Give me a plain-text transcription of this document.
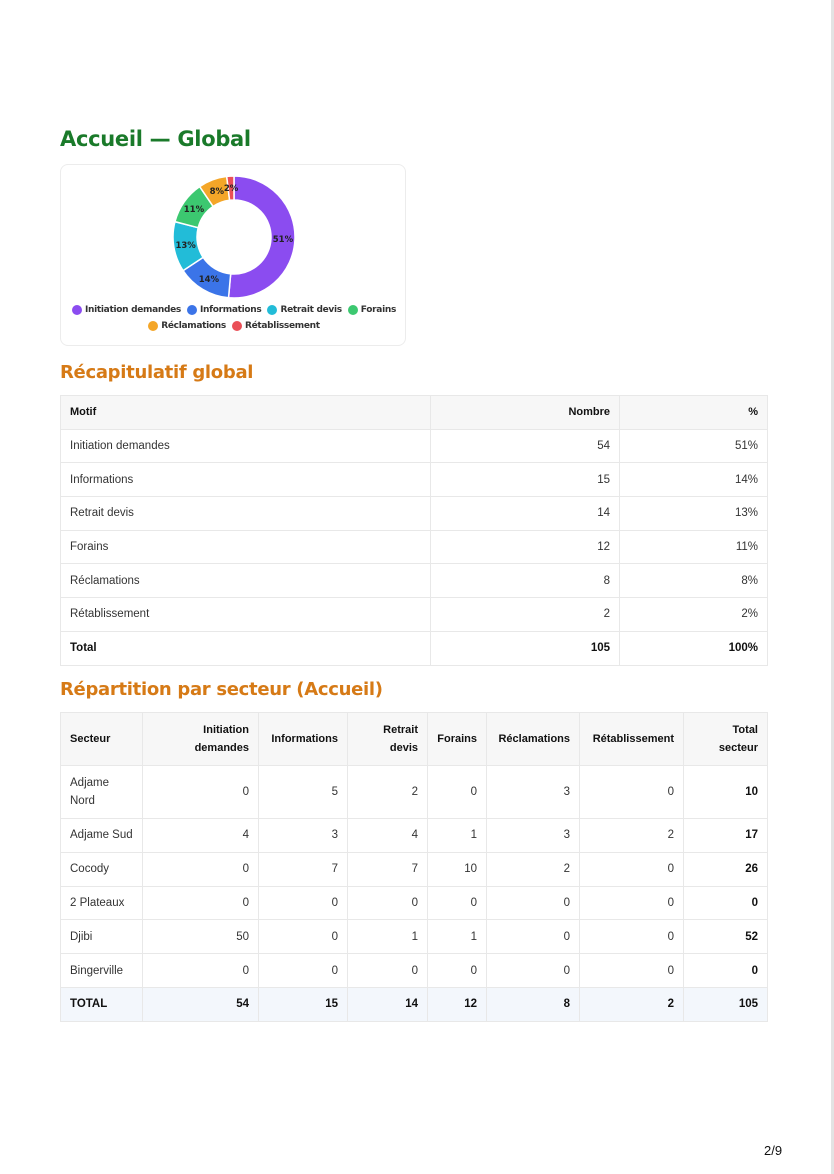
Accueil — Global
51%
14%
13%
11%
8% 2%
Initiation demandes Informations Retrait devis Forains
Réclamations Rétablissement
Récapitulatif global
Motif	Nombre	%
Initiation demandes	54	51%
Informations	15	14%
Retrait devis	14	13%
Forains	12	11%
Réclamations	8	8%
Rétablissement	2	2%
Total	105	100%
Répartition par secteur (Accueil)
Secteur	Initiation demandes	Informations	Retrait devis	Forains	Réclamations	Rétablissement	Total secteur
Adjame Nord	0	5	2	0	3	0	10
Adjame Sud	4	3	4	1	3	2	17
Cocody	0	7	7	10	2	0	26
2 Plateaux	0	0	0	0	0	0	0
Djibi	50	0	1	1	0	0	52
Bingerville	0	0	0	0	0	0	0
TOTAL	54	15	14	12	8	2	105
2/9
